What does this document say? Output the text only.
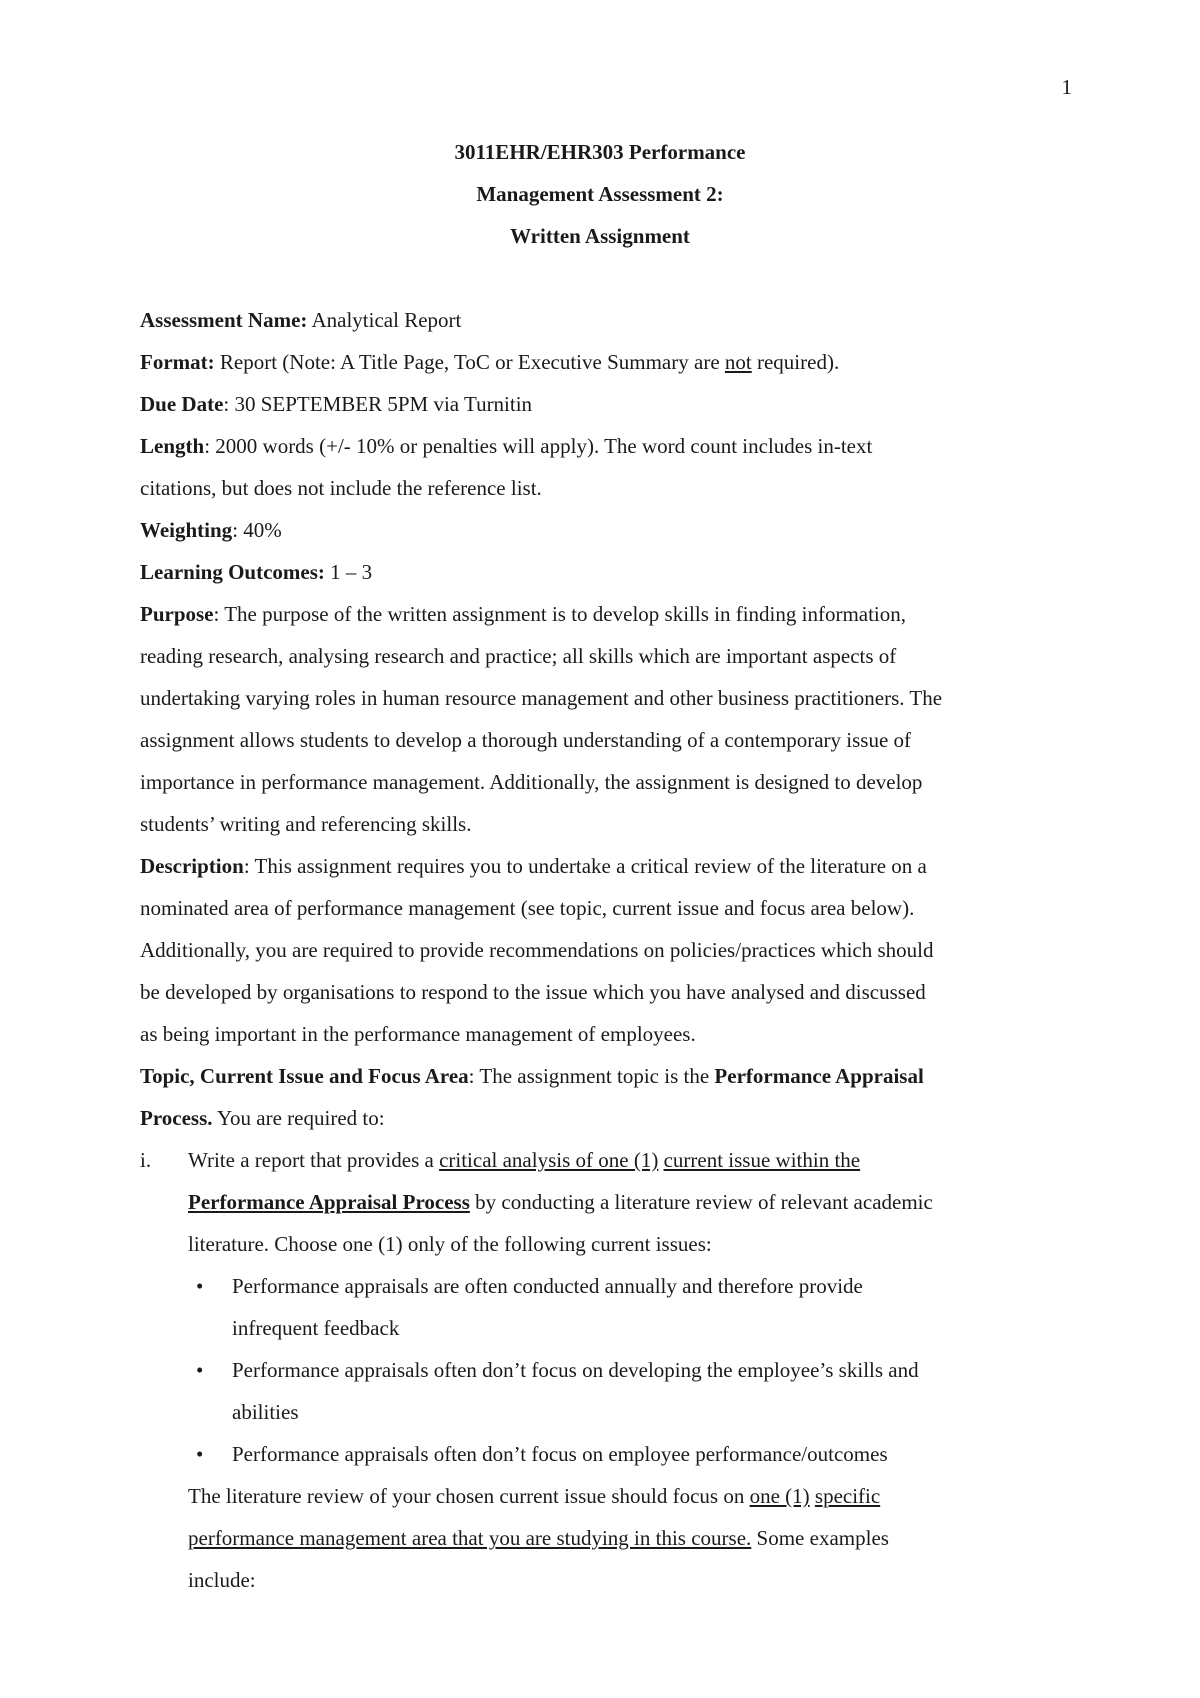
1
3011EHR/EHR303 Performance
Management Assessment 2:
Written Assignment
Assessment Name: Analytical Report
Format: Report (Note: A Title Page, ToC or Executive Summary are not required).
Due Date: 30 SEPTEMBER 5PM via Turnitin
Length: 2000 words (+/- 10% or penalties will apply). The word count includes in-text
citations, but does not include the reference list.
Weighting: 40%
Learning Outcomes: 1 – 3
Purpose: The purpose of the written assignment is to develop skills in finding information,
reading research, analysing research and practice; all skills which are important aspects of
undertaking varying roles in human resource management and other business practitioners. The
assignment allows students to develop a thorough understanding of a contemporary issue of
importance in performance management. Additionally, the assignment is designed to develop
students’ writing and referencing skills.
Description: This assignment requires you to undertake a critical review of the literature on a
nominated area of performance management (see topic, current issue and focus area below).
Additionally, you are required to provide recommendations on policies/practices which should
be developed by organisations to respond to the issue which you have analysed and discussed
as being important in the performance management of employees.
Topic, Current Issue and Focus Area: The assignment topic is the Performance Appraisal
Process. You are required to:
i.	Write a report that provides a critical analysis of one (1) current issue within the
Performance Appraisal Process by conducting a literature review of relevant academic
literature. Choose one (1) only of the following current issues:
• Performance appraisals are often conducted annually and therefore provide
infrequent feedback
• Performance appraisals often don’t focus on developing the employee’s skills and
abilities
• Performance appraisals often don’t focus on employee performance/outcomes
The literature review of your chosen current issue should focus on one (1) specific
performance management area that you are studying in this course. Some examples
include:
